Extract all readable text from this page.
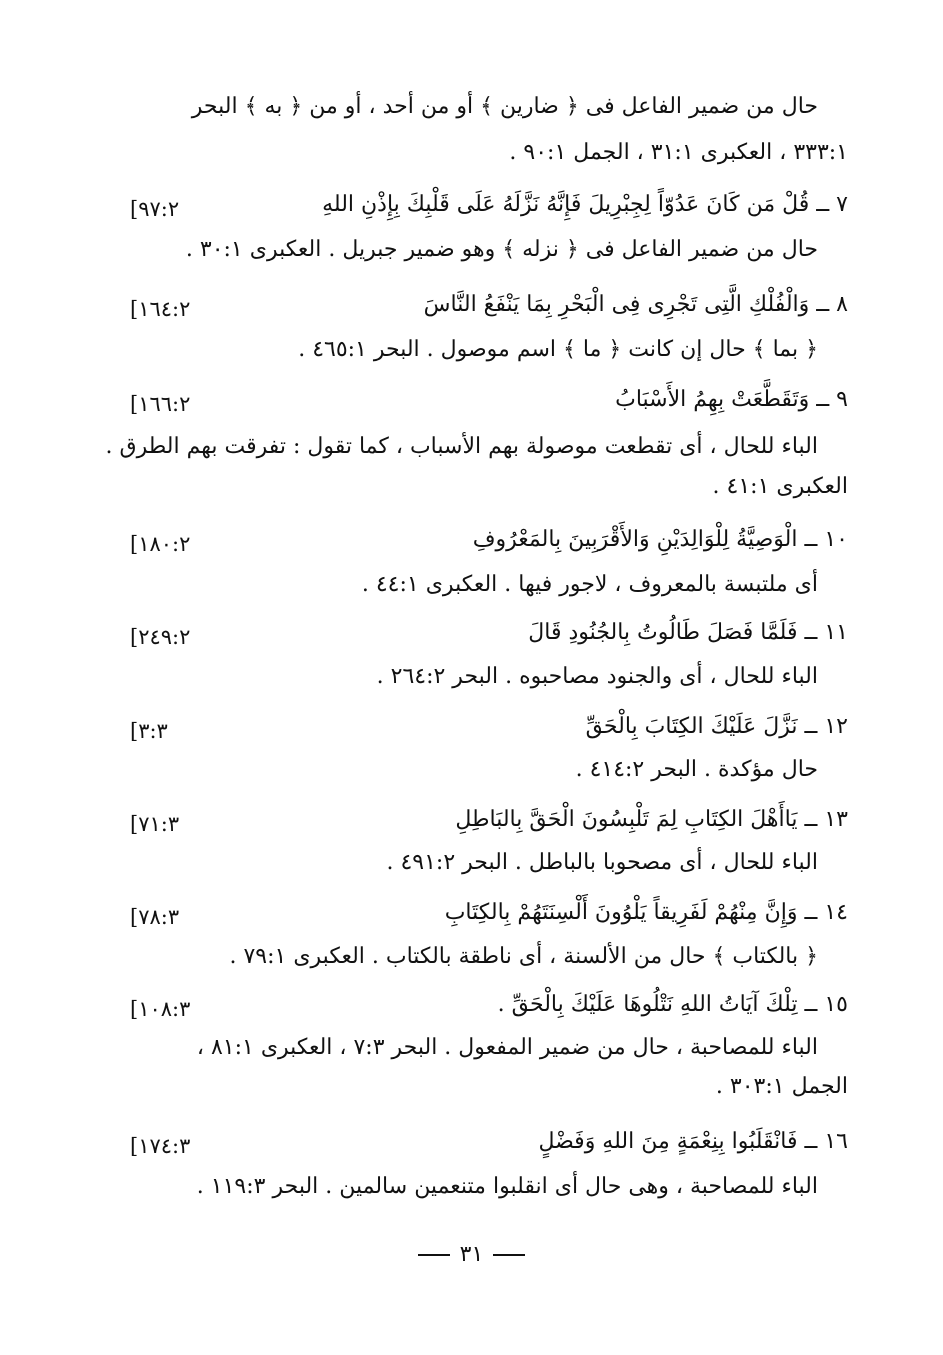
حال من ضمير الفاعل فى ﴿ ضارين ﴾ أو من أحد ، أو من ﴿ به ﴾ البحر
٣٣٣:١ ، العكبرى ٣١:١ ، الجمل ٩٠:١ .
٧ ــ قُلْ مَن كَانَ عَدُوّاً لِجِبْرِيلَ فَإِنَّهُ نَزَّلَهُ عَلَى قَلْبِكَ بِإِذْنِ اللهِ
[٩٧:٢
حال من ضمير الفاعل فى ﴿ نزله ﴾ وهو ضمير جبريل . العكبرى ٣٠:١ .
٨ ــ وَالْفُلْكِ الَّتِى تَجْرِى فِى الْبَحْرِ بِمَا يَنْفَعُ النَّاسَ
[١٦٤:٢
﴿ بما ﴾ حال إن كانت ﴿ ما ﴾ اسم موصول . البحر ٤٦٥:١ .
٩ ــ وَتَقَطَّعَتْ بِهِمُ الأَسْبَابُ
[١٦٦:٢
الباء للحال ، أى تقطعت موصولة بهم الأسباب ، كما تقول : تفرقت بهم الطرق .
العكبرى ٤١:١ .
١٠ ــ الْوَصِيَّةُ لِلْوَالِدَيْنِ وَالأَقْرَبِينَ بِالمَعْرُوفِ
[١٨٠:٢
أى ملتبسة بالمعروف ، لاجور فيها . العكبرى ٤٤:١ .
١١ ــ فَلَمَّا فَصَلَ طَالُوتُ بِالجُنُودِ قَالَ
[٢٤٩:٢
الباء للحال ، أى والجنود مصاحبوه . البحر ٢٦٤:٢ .
١٢ ــ نَزَّلَ عَلَيْكَ الكِتَابَ بِالْحَقِّ
[٣:٣
حال مؤكدة . البحر ٤١٤:٢ .
١٣ ــ يَاأَهْلَ الكِتَابِ لِمَ تَلْبِسُونَ الْحَقَّ بِالبَاطِلِ
[٧١:٣
الباء للحال ، أى مصحوبا بالباطل . البحر ٤٩١:٢ .
١٤ ــ وَإِنَّ مِنْهُمْ لَفَرِيقاً يَلْوُونَ أَلْسِنَتَهُمْ بِالكِتَابِ
[٧٨:٣
﴿ بالكتاب ﴾ حال من الألسنة ، أى ناطقة بالكتاب . العكبرى ٧٩:١ .
١٥ ــ تِلْكَ آيَاتُ اللهِ نَتْلُوهَا عَلَيْكَ بِالْحَقِّ .
[١٠٨:٣
الباء للمصاحبة ، حال من ضمير المفعول . البحر ٧:٣ ، العكبرى ٨١:١ ،
الجمل ٣٠٣:١ .
١٦ ــ فَانْقَلَبُوا بِنِعْمَةٍ مِنَ اللهِ وَفَضْلٍ
[١٧٤:٣
الباء للمصاحبة ، وهى حال أى انقلبوا متنعمين سالمين . البحر ١١٩:٣ .
٣١
